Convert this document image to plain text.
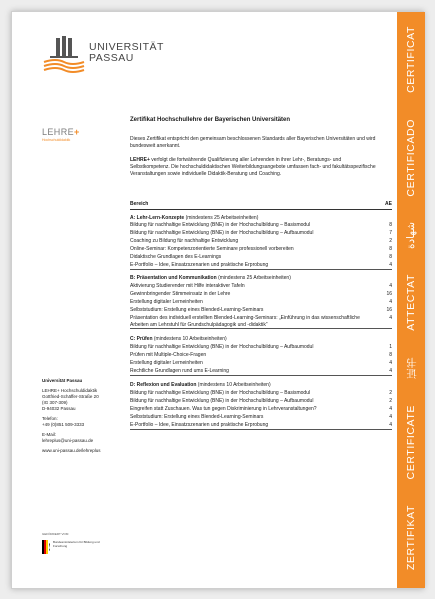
UNIVERSITÄT
PASSAU
LEHRE+
Hochschuldidaktik
Zertifikat Hochschullehre der Bayerischen Universitäten
Dieses Zertifikat entspricht den gemeinsam beschlossenen Standards aller Bayerischen Universitäten und wird bundesweit anerkannt.
LEHRE+ verfolgt die fortwährende Qualifizierung aller Lehrenden in ihrer Lehr-, Beratungs- und Selbstkompetenz. Die hochschuldidaktischen Weiterbildungsangebote umfassen fach- und fakultätsspezifische Veranstaltungen sowie individuelle Didaktik-Beratung und Coaching.
Bereich	AE
A: Lehr-Lern-Konzepte (mindestens 25 Arbeitseinheiten)
Bildung für nachhaltige Entwicklung (BNE) in der Hochschulbildung – Basismodul	8
Bildung für nachhaltige Entwicklung (BNE) in der Hochschulbildung – Aufbaumodul	7
Coaching zu Bildung für nachhaltige Entwicklung	2
Online-Seminar: Kompetenzorientierte Seminare professionell vorbereiten	8
Didaktische Grundlagen des E-Learnings	8
E-Portfolio – Idee, Einsatzszenarien und praktische Erprobung	4
B: Präsentation und Kommunikation (mindestens 25 Arbeitseinheiten)
Aktivierung Studierender mit Hilfe interaktiver Tafeln	4
Gewinnbringender Stimmeinsatz in der Lehre	16
Erstellung digitaler Lerneinheiten	4
Selbststudium: Erstellung eines Blended-Learning-Seminars	16
Präsentation des individuell erstellten Blended-Learning-Seminars: „Einführung in das wissenschaftliche Arbeiten am Lehrstuhl für Grundschulpädagogik und -didaktik“
4
C: Prüfen (mindestens 10 Arbeitseinheiten)
Bildung für nachhaltige Entwicklung (BNE) in der Hochschulbildung – Aufbaumodul	1
Prüfen mit Multiple-Choice-Fragen	8
Erstellung digitaler Lerneinheiten	4
Rechtliche Grundlagen rund ums E-Learning	4
D: Reflexion und Evaluation (mindestens 10 Arbeitseinheiten)
Bildung für nachhaltige Entwicklung (BNE) in der Hochschulbildung – Basismodul	2
Bildung für nachhaltige Entwicklung (BNE) in der Hochschulbildung – Aufbaumodul	2
Eingreifen statt Zuschauen. Was tun gegen Diskriminierung in Lehrveranstaltungen?	4
Selbststudium: Erstellung eines Blended-Learning-Seminars	4
E-Portfolio – Idee, Einsatzszenarien und praktische Erprobung	4
Universität Passau
LEHRE+ Hochschuldidaktik
Gottfried-Schäffer-Straße 20
(IG 307-309)
D-94032 Passau
Telefon:
+49 (0)851 509-3333
E-Mail:
lehreplus@uni-passau.de
www.uni-passau.de/lehreplus
GEFÖRDERT VOM
Bundesministerium für Bildung und Forschung	ZERTIFIKAT
CERTIFICATE
证书
ATTECTAT
شهادة
CERTIFICADO
CERTIFICAT
